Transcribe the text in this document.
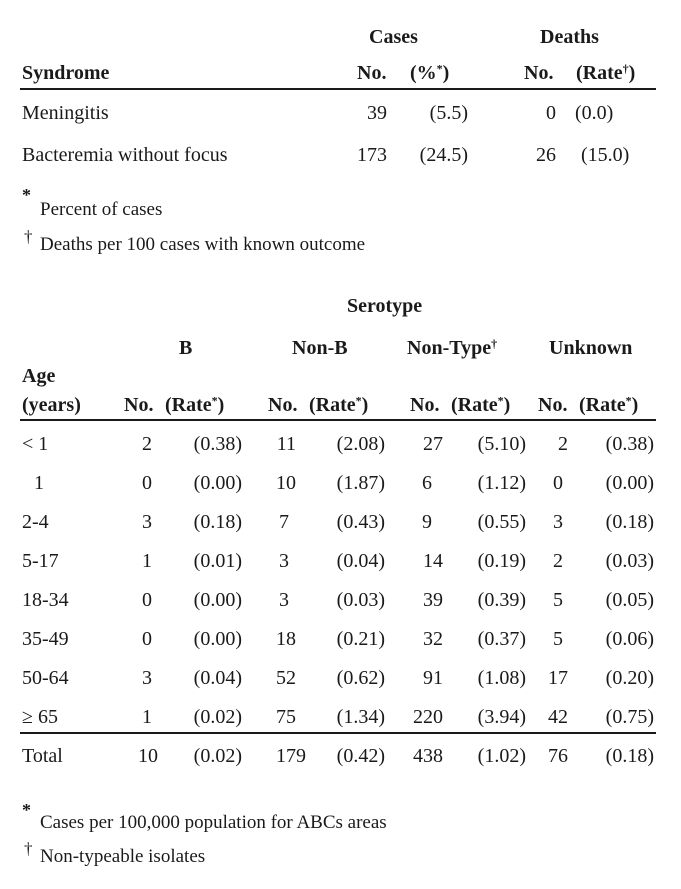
Cases	Deaths
Syndrome	No. (%*)	No. (Rate†)
Meningitis	39	(5.5)	0 (0.0)
Bacteremia without focus	173	(24.5)	26 (15.0)
*
Percent of cases
† Deaths per 100 cases with known outcome
Serotype
B	Non-B	Non-Type†	Unknown
Age
(years) No. (Rate*) No. (Rate*) No. (Rate*) No. (Rate*)
< 1	2	(0.38)	11	(2.08)	27	(5.10)	2	(0.38)
1	0	(0.00)	10	(1.87)	6	(1.12)	0	(0.00)
2-4	3	(0.18)	7	(0.43)	9	(0.55)	3	(0.18)
5-17	1	(0.01)	3	(0.04)	14	(0.19)	2	(0.03)
18-34	0	(0.00)	3	(0.03)	39	(0.39)	5	(0.05)
35-49	0	(0.00)	18	(0.21)	32	(0.37)	5	(0.06)
50-64	3	(0.04)	52	(0.62)	91	(1.08)	17	(0.20)
≥ 65	1	(0.02)	75	(1.34)	220	(3.94)	42	(0.75)
Total	10	(0.02)	179	(0.42)	438	(1.02)	76	(0.18)
*
Cases per 100,000 population for ABCs areas
† Non-typeable isolates
